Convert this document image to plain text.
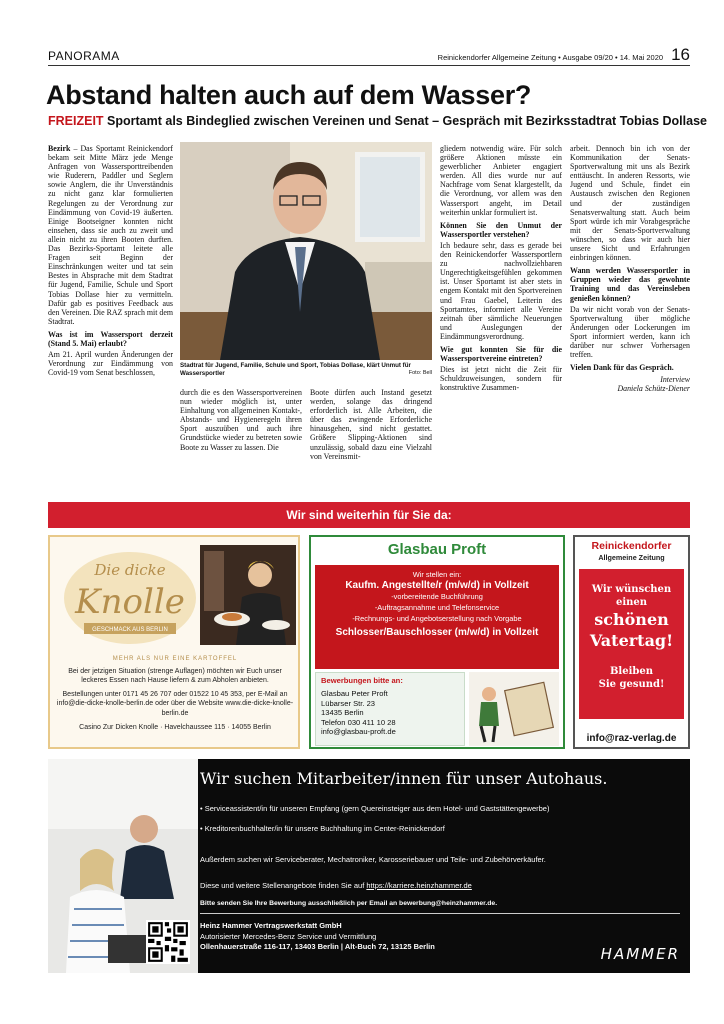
PANORAMA	Reinickendorfer Allgemeine Zeitung • Ausgabe 09/20 • 14. Mai 2020 16
Abstand halten auch auf dem Wasser?
FREIZEIT Sportamt als Bindeglied zwischen Vereinen und Senat – Gespräch mit Bezirksstadtrat Tobias Dollase

Bezirk – Das Sportamt Reinickendorf bekam seit Mitte März jede Menge Anfragen von Wassersporttreibenden wie Ruderern, Paddler und Seglern sowie Anglern, die ihr Unverständnis zu nicht ganz klar formulierten Regelungen zu der Verordnung zur Eindämmung von Covid-19 äußerten. Einige Bootseigner konnten nicht einsehen, dass sie auch zu zweit und allein nicht zu ihren Booten durften. Das Bezirks-Sportamt leitete alle Fragen seit Beginn der Einschränkungen weiter und tat sein Bestes in Absprache mit dem Stadtrat für Jugend, Familie, Schule und Sport Tobias Dollase hier zu vermitteln. Dafür gab es positives Feedback aus den Vereinen. Die RAZ sprach mit dem Stadtrat.

Was ist im Wassersport derzeit (Stand 5. Mai) erlaubt?

Am 21. April wurden Änderungen der Verordnung zur Eindämmung von Covid-19 vom Senat beschlossen,

durch die es den Wassersportvereinen nun wieder möglich ist, unter Einhaltung von allgemeinen Kontakt-, Abstands- und Hygieneregeln ihren Sport auszuüben und auch ihre Grundstücke wieder zu betreten sowie Boote zu Wasser zu lassen. Die

Boote dürfen auch Instand gesetzt werden, solange das dringend erforderlich ist. Alle Arbeiten, die über das zwingende Erforderliche hinausgehen, sind nicht gestattet. Größere Slipping-Aktionen sind unzulässig, sobald dazu eine Vielzahl von Vereinsmit-

gliedern notwendig wäre. Für solch größere Aktionen müsste ein gewerblicher Anbieter engagiert werden. All dies wurde nur auf Nachfrage vom Senat klargestellt, da die Verordnung, vor allem was den Wassersport angeht, im Detail weiterhin unklar formuliert ist.

Können Sie den Unmut der Wassersportler verstehen?

Ich bedaure sehr, dass es gerade bei den Reinickendorfer Wassersportlern zu nachvollziehbaren Ungerechtigkeitsgefühlen gekommen ist. Unser Sportamt ist aber stets in engem Kontakt mit den Sportvereinen und Frau Gaebel, Leiterin des Sportamtes, informiert alle Vereine zeitnah über sämtliche Neuerungen und Auslegungen der Eindämmungsverordnung.

Wie gut konnten Sie für die Wassersportvereine eintreten?

Dies ist jetzt nicht die Zeit für Schuldzuweisungen, sondern für konstruktive Zusammen-

arbeit. Dennoch bin ich von der Kommunikation der Senats-Sportverwaltung mit uns als Bezirk enttäuscht. In anderen Ressorts, wie Jugend und Schule, findet ein Austausch zwischen den Regionen und der zuständigen Senatsverwaltung statt. Auch beim Sport würde ich mir Vorabgespräche mit der Senats-Sportverwaltung wünschen, so dass wir auch hier unsere Sicht und Erfahrungen einbringen können.

Wann werden Wassersportler in Gruppen wieder das gewohnte Training und das Vereinsleben genießen können?

Da wir nicht vorab von der Senats-Sportverwaltung über mögliche Änderungen oder Lockerungen im Sport informiert werden, kann ich darüber nur schwer Vorhersagen treffen.

Vielen Dank für das Gespräch.

Interview
Daniela Schütz-Diener
Stadtrat für Jugend, Familie, Schule und Sport, Tobias Dollase, klärt Unmut für Wassersportler	Foto: Bell
Wir sind weiterhin für Sie da:
Die dicke
Knolle
GESCHMACK AUS BERLIN
MEHR ALS NUR EINE KARTOFFEL
Bei der jetzigen Situation (strenge Auflagen) möchten wir Euch unser leckeres Essen nach Hause liefern & zum Abholen anbieten.
Bestellungen unter 0171 45 26 707 oder 01522 10 45 353, per E-Mail an info@die-dicke-knolle-berlin.de oder über die Website www.die-dicke-knolle-berlin.de
Casino Zur Dicken Knolle · Havelchaussee 115 · 14055 Berlin
Glasbau Proft
Wir stellen ein:
Kaufm. Angestellte/r (m/w/d) in Vollzeit
-vorbereitende Buchführung
-Auftragsannahme und Telefonservice
-Rechnungs- und Angebotserstellung nach Vorgabe
Schlosser/Bauschlosser (m/w/d) in Vollzeit
Bewerbungen bitte an:
Glasbau Peter Proft
Lübarser Str. 23
13435 Berlin
Telefon 030 411 10 28
info@glasbau-proft.de
Reinickendorfer
Allgemeine Zeitung
Wir wünschen
einen
schönen
Vatertag!
Bleiben
Sie gesund!
info@raz-verlag.de
Wir suchen Mitarbeiter/innen für unser Autohaus.
• Serviceassistent/in für unseren Empfang (gern Quereinsteiger aus dem Hotel- und Gaststättengewerbe)
• Kreditorenbuchhalter/in für unsere Buchhaltung im Center-Reinickendorf
Außerdem suchen wir Serviceberater, Mechatroniker, Karosseriebauer und Teile- und Zubehörverkäufer.
Diese und weitere Stellenangebote finden Sie auf https://karriere.heinzhammer.de
Bitte senden Sie Ihre Bewerbung ausschließlich per Email an bewerbung@heinzhammer.de.
Heinz Hammer Vertragswerkstatt GmbH
Autorisierter Mercedes-Benz Service und Vermittlung
Ollenhauerstraße 116-117, 13403 Berlin | Alt-Buch 72, 13125 Berlin	HAMMER
